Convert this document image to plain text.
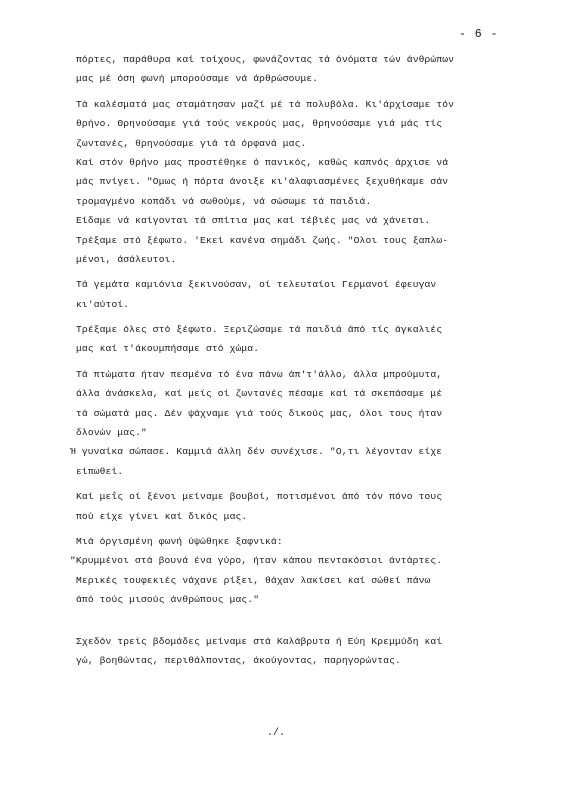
- 6 -
πόρτες, παράθυρα καί τοίχους, φωνάζοντας τά όνόματα τών άνθρώπων
μας μέ όση φωνή μπορούσαμε νά άρθρώσουμε.
Τά καλέσματά μας σταμάτησαν μαζί μέ τά πολυβόλα. Κι'άρχίσαμε τόν
θρήνο. Θρηνούσαμε γιά τούς νεκρούς μας, θρηνούσαμε γιά μάς τίς
ζωντανές, θρηνούσαμε γιά τά όρφανά μας.
Καί στόν θρήνο μας προστέθηκε ό πανικός, καθώς καπνός άρχισε νά
μάς πνίγει. "Ομως ή πόρτα άνοιξε κι'άλαφιασμένες ξεχυθήκαμε σάν
τρομαγμένο κοπάδι νά σωθούμε, νά σώσωμε τά παιδιά.
Είδαμε νά καίγονται τά σπίτια μας καί τέβιές μας νά χάνεται.
Τρέξαμε στό ξέφωτο. 'Εκεί κανένα σημάδι ζωής. "Ολοι τους ξαπλω-
μένοι, άσάλευτοι.
Τά γεμάτα καμιόνια ξεκινούσαν, οί τελευταίοι Γερμανοί έφευγαν
κι'αύτοί.
Τρέξαμε όλες στό ξέφωτο. Ξεριζώσαμε τά παιδιά άπό τίς άγκαλιές
μας καί τ'άκουμπήσαμε στό χώμα.
Τά πτώματα ήταν πεσμένα τό ένα πάνω άπ'τ'άλλο, άλλα μπρούμυτα,
άλλα άνάσκελα, καί μεϊς οί ζωντανές πέσαμε καί τά σκεπάσαμε μέ
τά σώματά μας. Δέν ψάχναμε γιά τούς δικούς μας, όλοι τους ήταν
δλονών μας."
Ή γυναίκα σώπασε. Καμμιά άλλη δέν συνέχισε. "Ο,τι λέγονταν είχε
είπωθεί.
Καί μεΐς οί ξένοι μείναμε βουβοί, ποτισμένοι άπό τόν πόνο τους
πού είχε γίνει καί δικός μας.
Μιά όργισμένη φωνή ύψώθηκε ξαφνικά:
"Κρυμμένοι στά βουνά ένα γύρο, ήταν κάπου πεντακόσιοι άντάρτες.
Μερικές τουφεκιές νάχανε ρίξει, θάχαν λακίσει καί σώθεί πάνω
άπό τούς μισούς άνθρώπους μας."
Σχεδόν τρεϊς βδομάδες μείναμε στά Καλάβρυτα ή Εύη Κρεμμύδη καί
γώ, βοηθώντας, περιθάλποντας, άκούγοντας, παρηγορώντας.
./.
